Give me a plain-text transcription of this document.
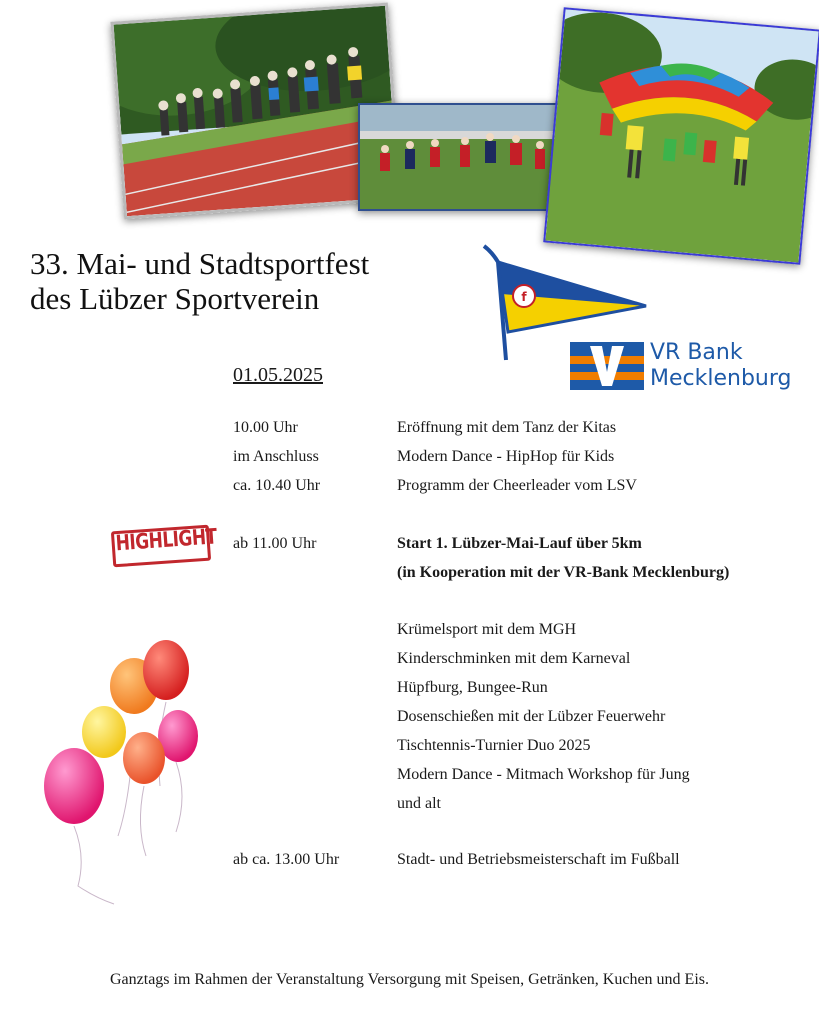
33. Mai- und Stadtsportfest
des Lübzer Sportverein	f
VR Bank
Mecklenburg
01.05.2025
10.00 Uhr	Eröffnung mit dem Tanz der Kitas
im Anschluss	Modern Dance - HipHop für Kids
ca. 10.40 Uhr	Programm der Cheerleader vom LSV
HIGHLIGHT ab 11.00 Uhr	Start 1. Lübzer-Mai-Lauf über 5km
(in Kooperation mit der VR-Bank Mecklenburg)
Krümelsport mit dem MGH
Kinderschminken mit dem Karneval
Hüpfburg, Bungee-Run
Dosenschießen mit der Lübzer Feuerwehr
Tischtennis-Turnier Duo 2025
Modern Dance - Mitmach Workshop für Jung
und alt
ab ca. 13.00 Uhr	Stadt- und Betriebsmeisterschaft im Fußball
Ganztags im Rahmen der Veranstaltung Versorgung mit Speisen, Getränken, Kuchen und Eis.
